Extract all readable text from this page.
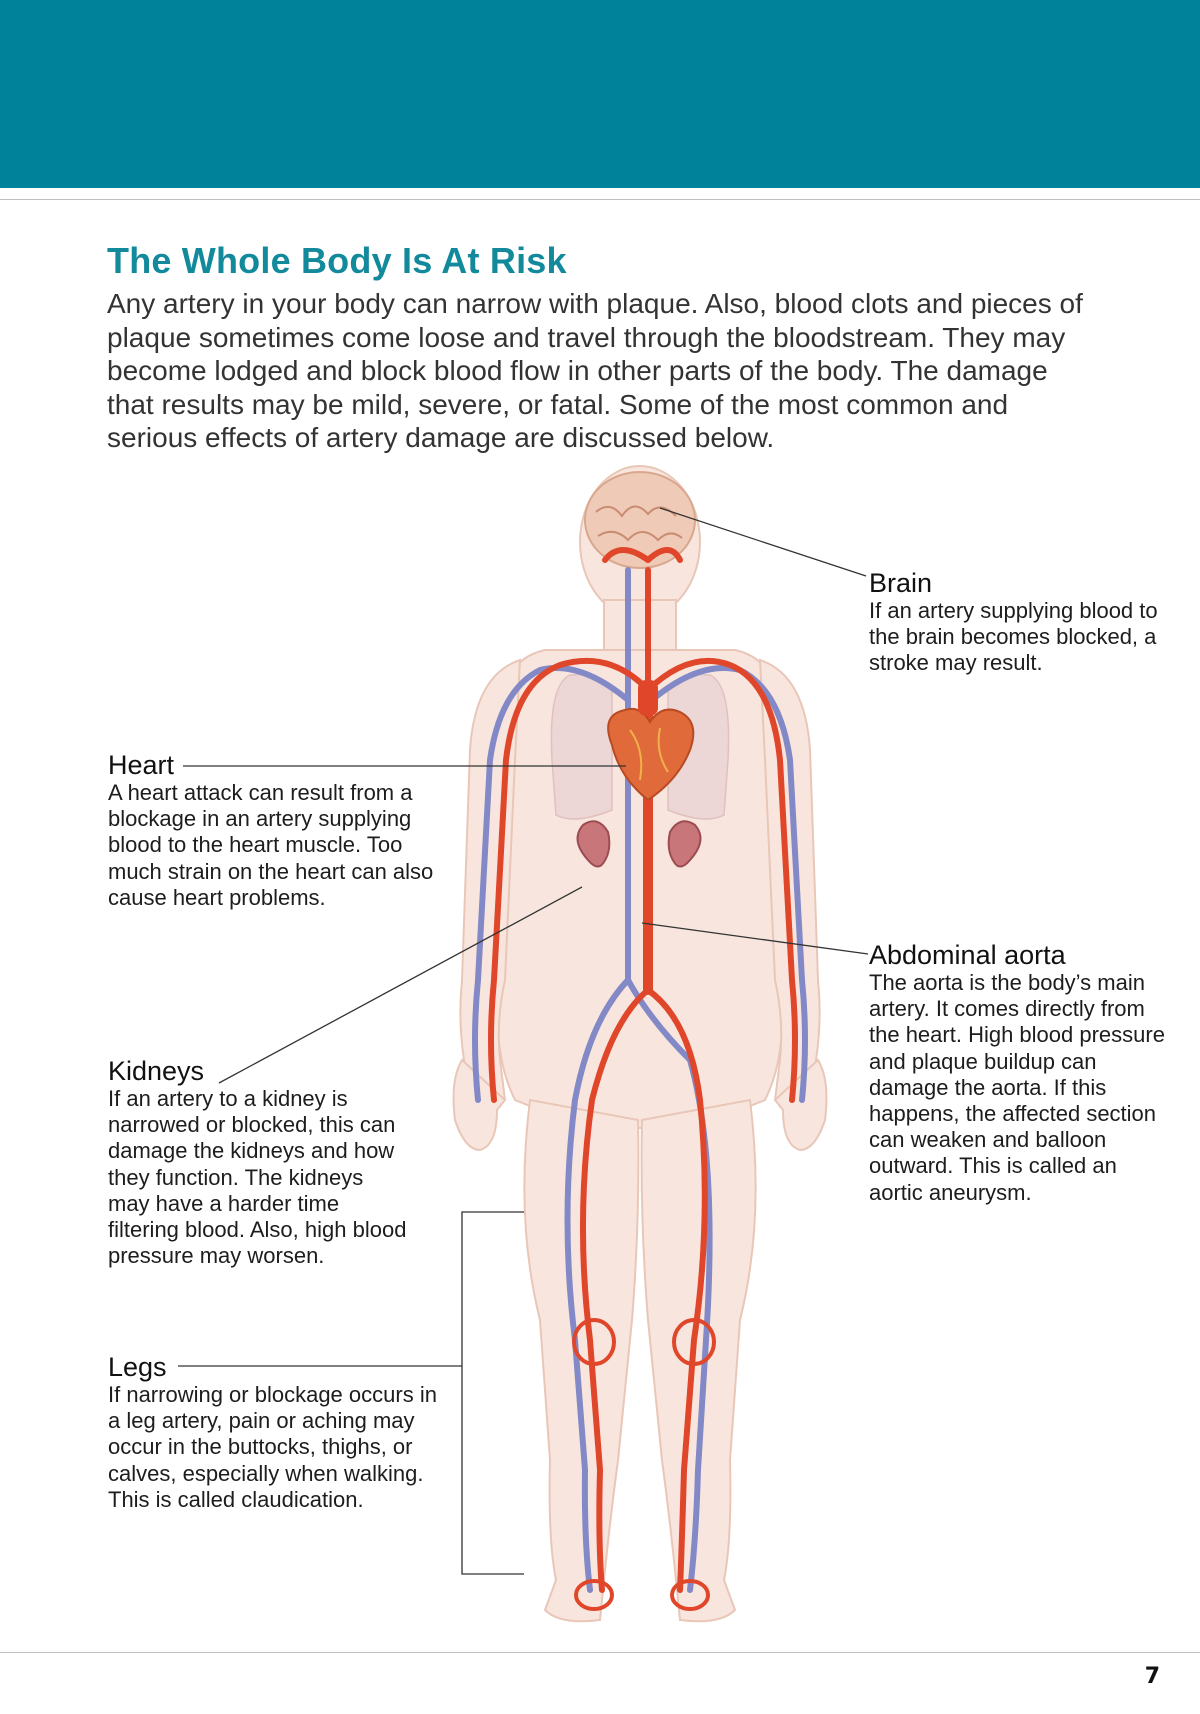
The Whole Body Is At Risk

Any artery in your body can narrow with plaque. Also, blood clots and pieces of plaque sometimes come loose and travel through the bloodstream. They may become lodged and block blood flow in other parts of the body. The damage that results may be mild, severe, or fatal. Some of the most common and serious effects of artery damage are discussed below.

Brain

If an artery supplying blood to the brain becomes blocked, a stroke may result.

Heart

A heart attack can result from a blockage in an artery supplying blood to the heart muscle. Too much strain on the heart can also cause heart problems.

Kidneys

If an artery to a kidney is narrowed or blocked, this can damage the kidneys and how they function. The kidneys may have a harder time filtering blood. Also, high blood pressure may worsen.

Legs

If narrowing or blockage occurs in a leg artery, pain or aching may occur in the buttocks, thighs, or calves, especially when walking. This is called claudication.

Abdominal aorta

The aorta is the body’s main artery. It comes directly from the heart. High blood pressure and plaque buildup can damage the aorta. If this happens, the affected section can weaken and balloon outward. This is called an aortic aneurysm.

7
